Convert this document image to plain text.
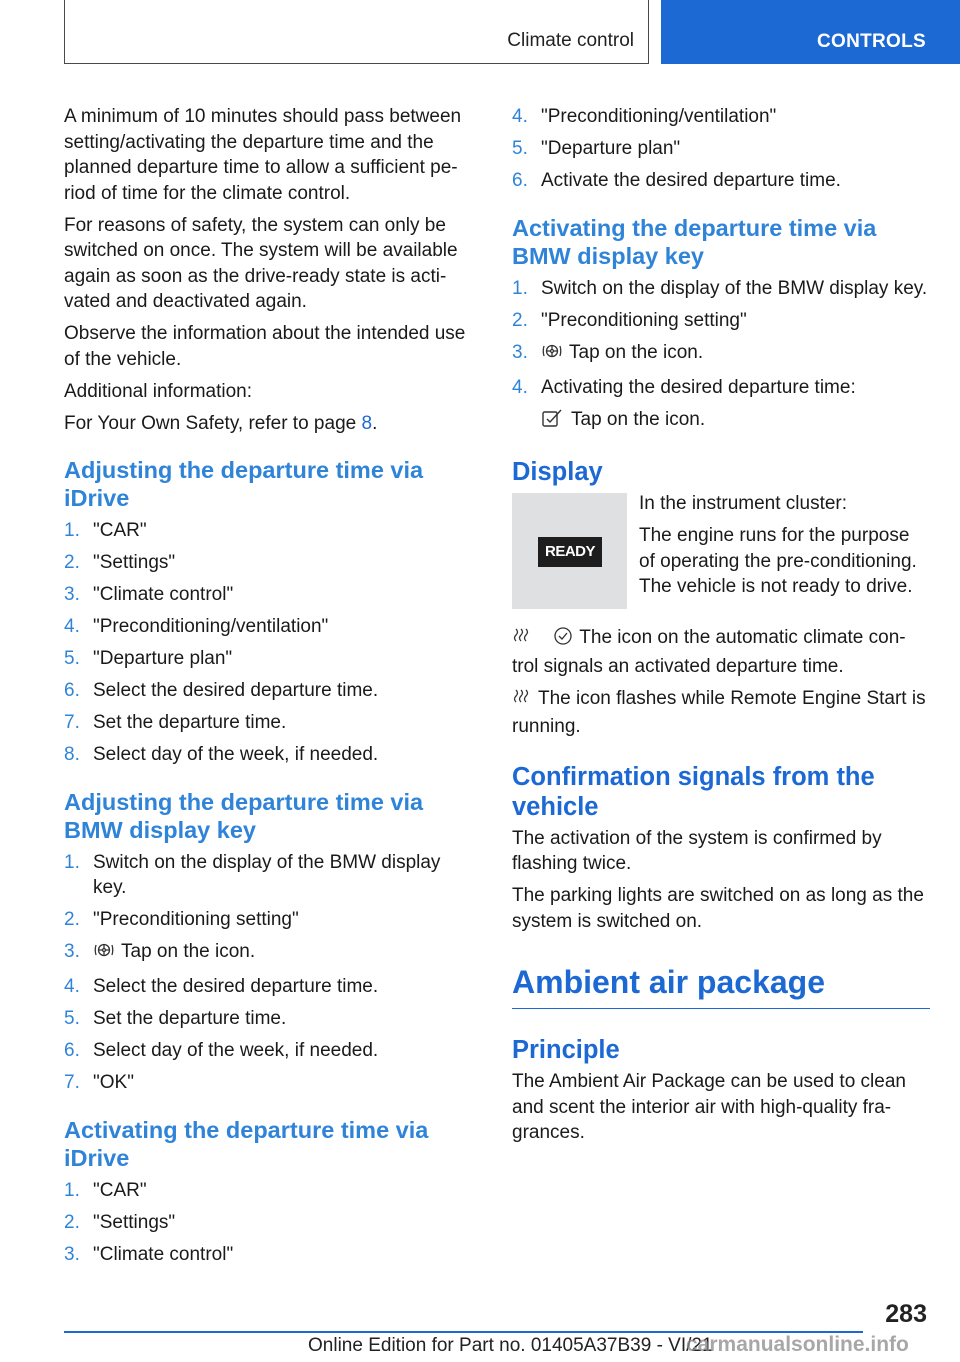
Climate control	CONTROLS

A minimum of 10 minutes should pass between setting/activating the departure time and the planned departure time to allow a sufficient pe-riod of time for the climate control.

For reasons of safety, the system can only be switched on once. The system will be available again as soon as the drive-ready state is acti-vated and deactivated again.

Observe the information about the intended use of the vehicle.

Additional information:

For Your Own Safety, refer to page 8.

Adjusting the departure time via iDrive
1. "CAR"
2. "Settings"
3. "Climate control"
4. "Preconditioning/ventilation"
5. "Departure plan"
6. Select the desired departure time.
7. Set the departure time.
8. Select day of the week, if needed.
Adjusting the departure time via BMW display key
1. Switch on the display of the BMW display key.
2. "Preconditioning setting"
3. Tap on the icon.
4. Select the desired departure time.
5. Set the departure time.
6. Select day of the week, if needed.
7. "OK"
Activating the departure time via iDrive
1. "CAR"
2. "Settings"
3. "Climate control"
4. "Preconditioning/ventilation"
5. "Departure plan"
6. Activate the desired departure time.
Activating the departure time via BMW display key
1. Switch on the display of the BMW display key.
2. "Preconditioning setting"
3. Tap on the icon.
4. Activating the desired departure time:
Tap on the icon.
Display
READY

In the instrument cluster:

The engine runs for the purpose of operating the pre-conditioning. The vehicle is not ready to drive.

The icon on the automatic climate con-trol signals an activated departure time.

The icon flashes while Remote Engine Start is running.

Confirmation signals from the vehicle

The activation of the system is confirmed by flashing twice.

The parking lights are switched on as long as the system is switched on.

Ambient air package
Principle

The Ambient Air Package can be used to clean and scent the interior air with high-quality fra-grances.

283
Online Edition for Part no. 01405A37B39 - VI/21
carmanualsonline.info
